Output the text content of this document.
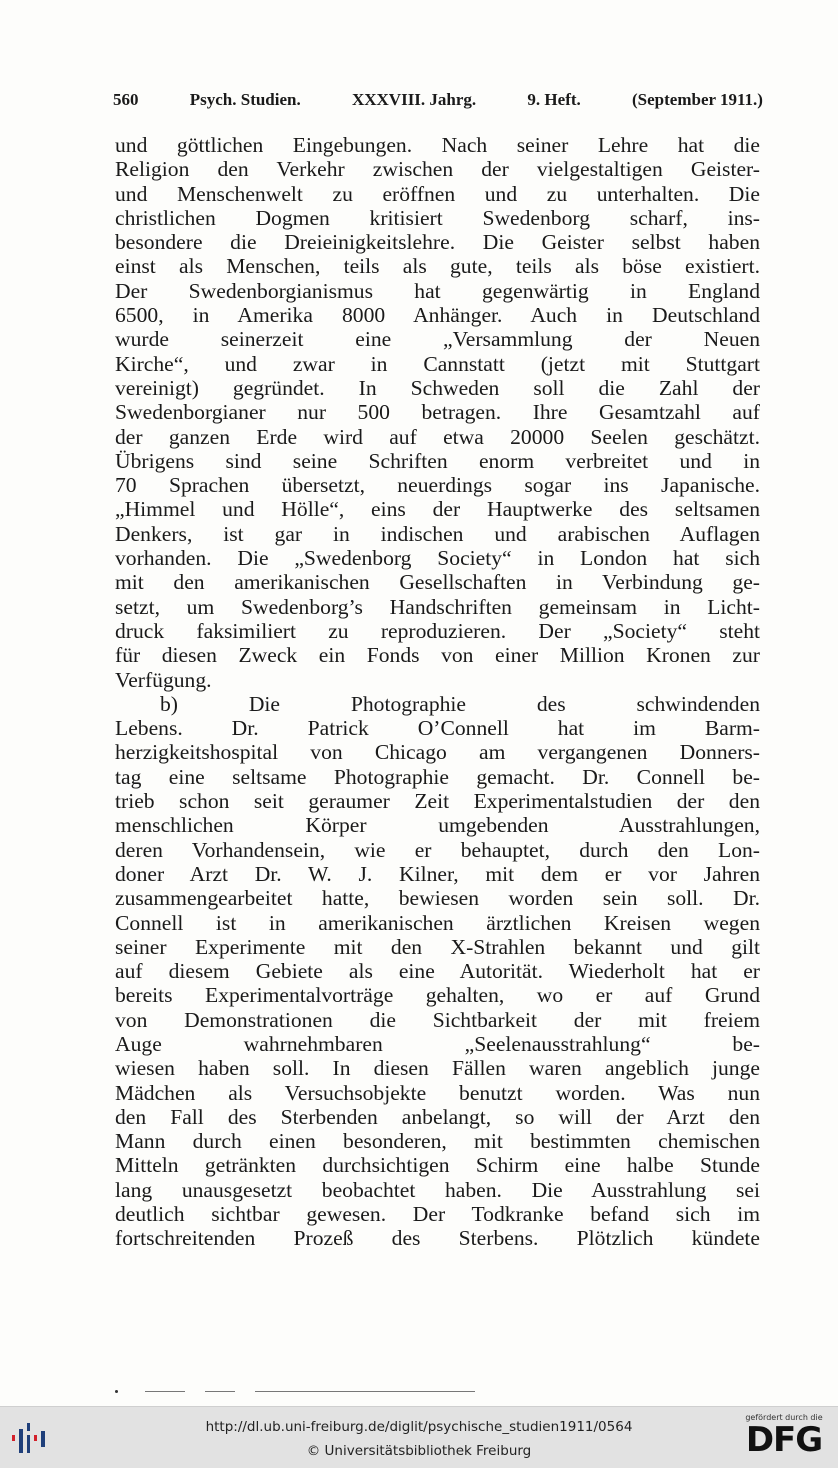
560	Psych. Studien.	XXXVIII. Jahrg.	9. Heft.	(September 1911.)
und göttlichen Eingebungen. Nach seiner Lehre hat die
Religion den Verkehr zwischen der vielgestaltigen Geister-
und Menschenwelt zu eröffnen und zu unterhalten. Die
christlichen Dogmen kritisiert Swedenborg scharf, ins-
besondere die Dreieinigkeitslehre. Die Geister selbst haben
einst als Menschen, teils als gute, teils als böse existiert.
Der Swedenborgianismus hat gegenwärtig in England
6500, in Amerika 8000 Anhänger. Auch in Deutschland
wurde seinerzeit eine „Versammlung der Neuen
Kirche“, und zwar in Cannstatt (jetzt mit Stuttgart
vereinigt) gegründet. In Schweden soll die Zahl der
Swedenborgianer nur 500 betragen. Ihre Gesamtzahl auf
der ganzen Erde wird auf etwa 20000 Seelen geschätzt.
Übrigens sind seine Schriften enorm verbreitet und in
70 Sprachen übersetzt, neuerdings sogar ins Japanische.
„Himmel und Hölle“, eins der Hauptwerke des seltsamen
Denkers, ist gar in indischen und arabischen Auflagen
vorhanden. Die „Swedenborg Society“ in London hat sich
mit den amerikanischen Gesellschaften in Verbindung ge-
setzt, um Swedenborg’s Handschriften gemeinsam in Licht-
druck faksimiliert zu reproduzieren. Der „Society“ steht
für diesen Zweck ein Fonds von einer Million Kronen zur
Verfügung.
b) Die Photographie des schwindenden
Lebens. Dr. Patrick O’Connell hat im Barm-
herzigkeitshospital von Chicago am vergangenen Donners-
tag eine seltsame Photographie gemacht. Dr. Connell be-
trieb schon seit geraumer Zeit Experimentalstudien der den
menschlichen Körper umgebenden Ausstrahlungen,
deren Vorhandensein, wie er behauptet, durch den Lon-
doner Arzt Dr. W. J. Kilner, mit dem er vor Jahren
zusammengearbeitet hatte, bewiesen worden sein soll. Dr.
Connell ist in amerikanischen ärztlichen Kreisen wegen
seiner Experimente mit den X-Strahlen bekannt und gilt
auf diesem Gebiete als eine Autorität. Wiederholt hat er
bereits Experimentalvorträge gehalten, wo er auf Grund
von Demonstrationen die Sichtbarkeit der mit freiem
Auge wahrnehmbaren „Seelenausstrahlung“ be-
wiesen haben soll. In diesen Fällen waren angeblich junge
Mädchen als Versuchsobjekte benutzt worden. Was nun
den Fall des Sterbenden anbelangt, so will der Arzt den
Mann durch einen besonderen, mit bestimmten chemischen
Mitteln getränkten durchsichtigen Schirm eine halbe Stunde
lang unausgesetzt beobachtet haben. Die Ausstrahlung sei
deutlich sichtbar gewesen. Der Todkranke befand sich im
fortschreitenden Prozeß des Sterbens. Plötzlich kündete
http://dl.ub.uni-freiburg.de/diglit/psychische_studien1911/0564
© Universitätsbibliothek Freiburg
gefördert durch die
DFG
